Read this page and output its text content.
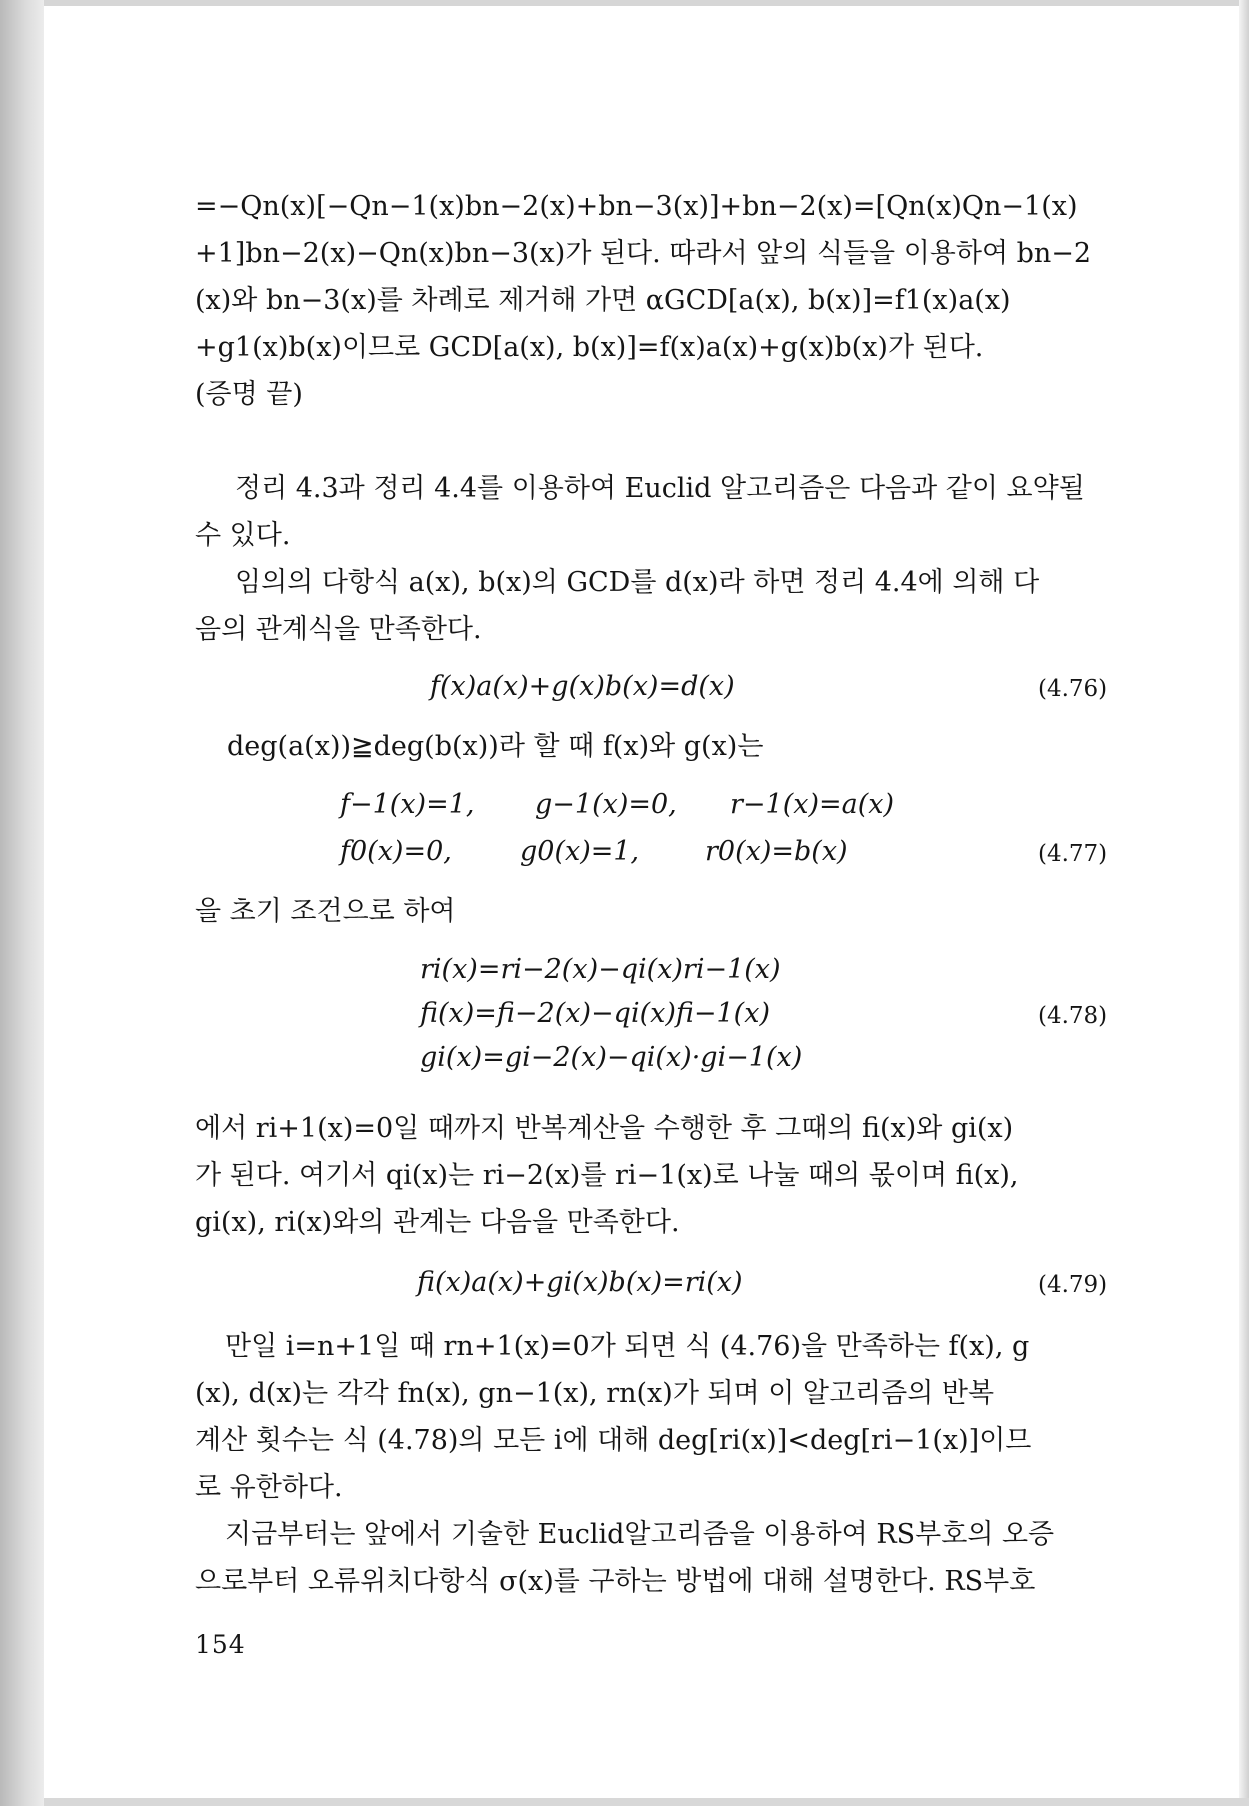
=−Qn(x)[−Qn−1(x)bn−2(x)+bn−3(x)]+bn−2(x)=[Qn(x)Qn−1(x)
+1]bn−2(x)−Qn(x)bn−3(x)가 된다. 따라서 앞의 식들을 이용하여 bn−2
(x)와 bn−3(x)를 차례로 제거해 가면 αGCD[a(x), b(x)]=f1(x)a(x)
+g1(x)b(x)이므로 GCD[a(x), b(x)]=f(x)a(x)+g(x)b(x)가 된다.
(증명 끝)
정리 4.3과 정리 4.4를 이용하여 Euclid 알고리즘은 다음과 같이 요약될
수 있다.
임의의 다항식 a(x), b(x)의 GCD를 d(x)라 하면 정리 4.4에 의해 다
음의 관계식을 만족한다.
f(x)a(x)+g(x)b(x)=d(x)	(4.76)
deg(a(x))≧deg(b(x))라 할 때 f(x)와 g(x)는
f−1(x)=1, g−1(x)=0, r−1(x)=a(x)
f0(x)=0,	g0(x)=1, r0(x)=b(x)	(4.77)
을 초기 조건으로 하여
ri(x)=ri−2(x)−qi(x)ri−1(x)
fi(x)=fi−2(x)−qi(x)fi−1(x)
gi(x)=gi−2(x)−qi(x)·gi−1(x)
(4.78)
에서 ri+1(x)=0일 때까지 반복계산을 수행한 후 그때의 fi(x)와 gi(x)
가 된다. 여기서 qi(x)는 ri−2(x)를 ri−1(x)로 나눌 때의 몫이며 fi(x),
gi(x), ri(x)와의 관계는 다음을 만족한다.
fi(x)a(x)+gi(x)b(x)=ri(x)	(4.79)
만일 i=n+1일 때 rn+1(x)=0가 되면 식 (4.76)을 만족하는 f(x), g
(x), d(x)는 각각 fn(x), gn−1(x), rn(x)가 되며 이 알고리즘의 반복
계산 횟수는 식 (4.78)의 모든 i에 대해 deg[ri(x)]<deg[ri−1(x)]이므
로 유한하다.
지금부터는 앞에서 기술한 Euclid알고리즘을 이용하여 RS부호의 오증
으로부터 오류위치다항식 σ(x)를 구하는 방법에 대해 설명한다. RS부호
154
